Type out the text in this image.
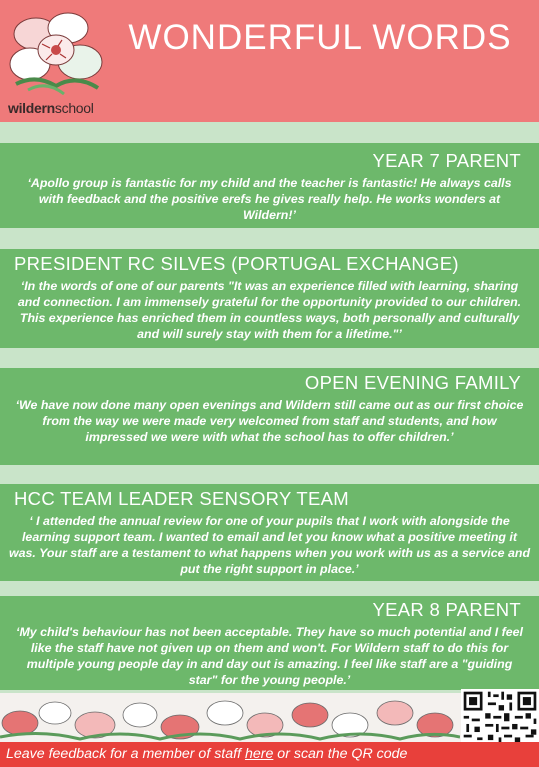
wildernschool
WONDERFUL WORDS
YEAR 7 PARENT

‘Apollo group is fantastic for my child and the teacher is fantastic! He always calls with feedback and the positive erefs he gives really help. He works wonders at Wildern!’

PRESIDENT RC SILVES (PORTUGAL EXCHANGE)

‘In the words of one of our parents "It was an experience filled with learning, sharing and connection. I am immensely grateful for the opportunity provided to our children. This experience has enriched them in countless ways, both personally and culturally and will surely stay with them for a lifetime."’

OPEN EVENING FAMILY

‘We have now done many open evenings and Wildern still came out as our first choice from the way we were made very welcomed from staff and students, and how impressed we were with what the school has to offer children.’

HCC TEAM LEADER SENSORY TEAM

‘ I attended the annual review for one of your pupils that I work with alongside the learning support team. I wanted to email and let you know what a positive meeting it was. Your staff are a testament to what happens when you work with us as a service and put the right support in place.’

YEAR 8 PARENT

‘My child's behaviour has not been acceptable. They have so much potential and I feel like the staff have not given up on them and won't. For Wildern staff to do this for multiple young people day in and day out is amazing. I feel like staff are a "guiding star" for the young people.’

Leave feedback for a member of staff here or scan the QR code
